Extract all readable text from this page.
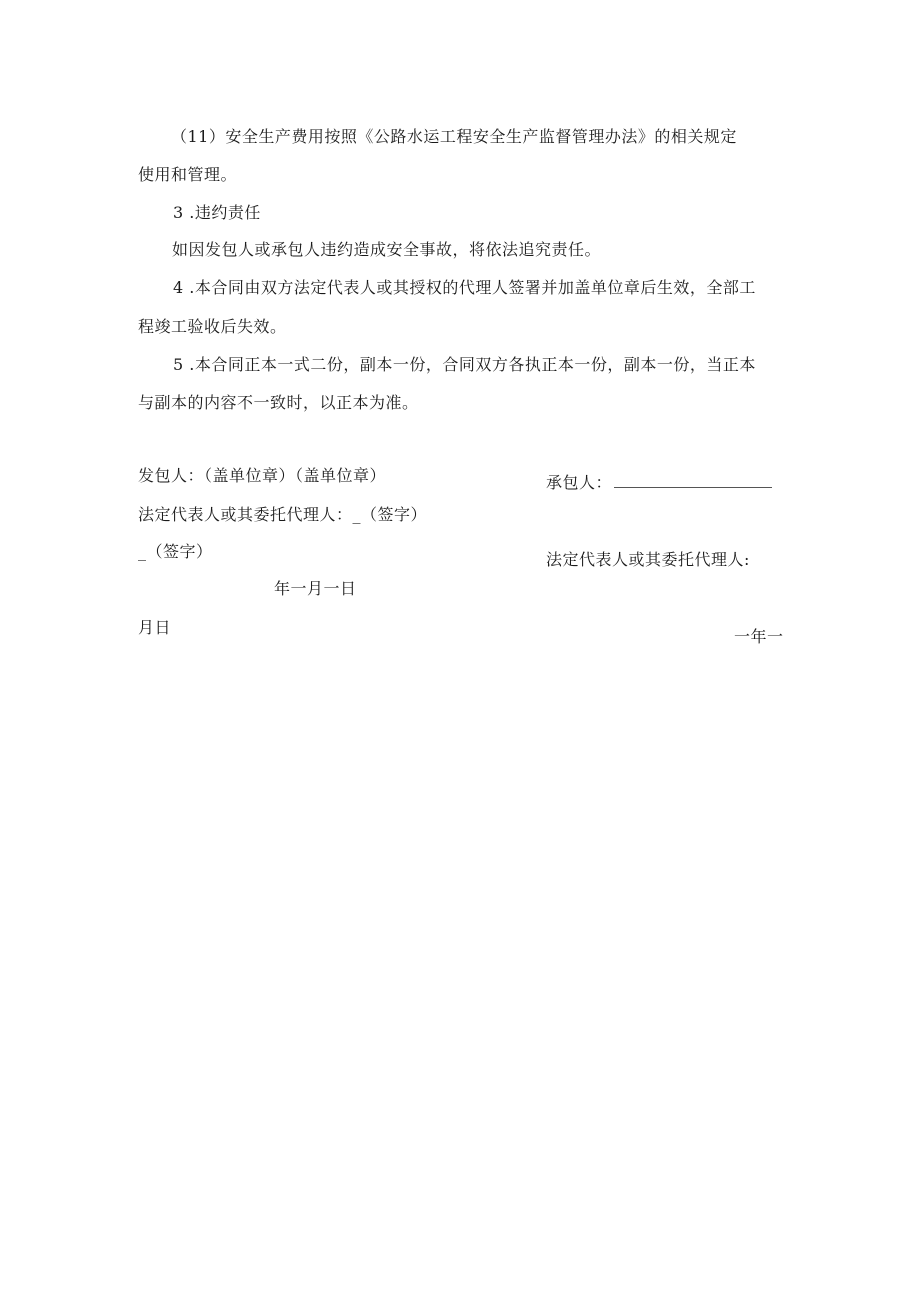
（11）安全生产费用按照《公路水运工程安全生产监督管理办法》的相关规定
使用和管理。
3 .违约责任
如因发包人或承包人违约造成安全事故，将依法追究责任。
4 .本合同由双方法定代表人或其授权的代理人签署并加盖单位章后生效，全部工
程竣工验收后失效。
5 .本合同正本一式二份，副本一份，合同双方各执正本一份，副本一份，当正本
与副本的内容不一致时，以正本为准。
发包人：（盖单位章）（盖单位章）
法定代表人或其委托代理人：_（签字）
_（签字）
年一月一日
月日
承包人：
法定代表人或其委托代理人:
一年一
